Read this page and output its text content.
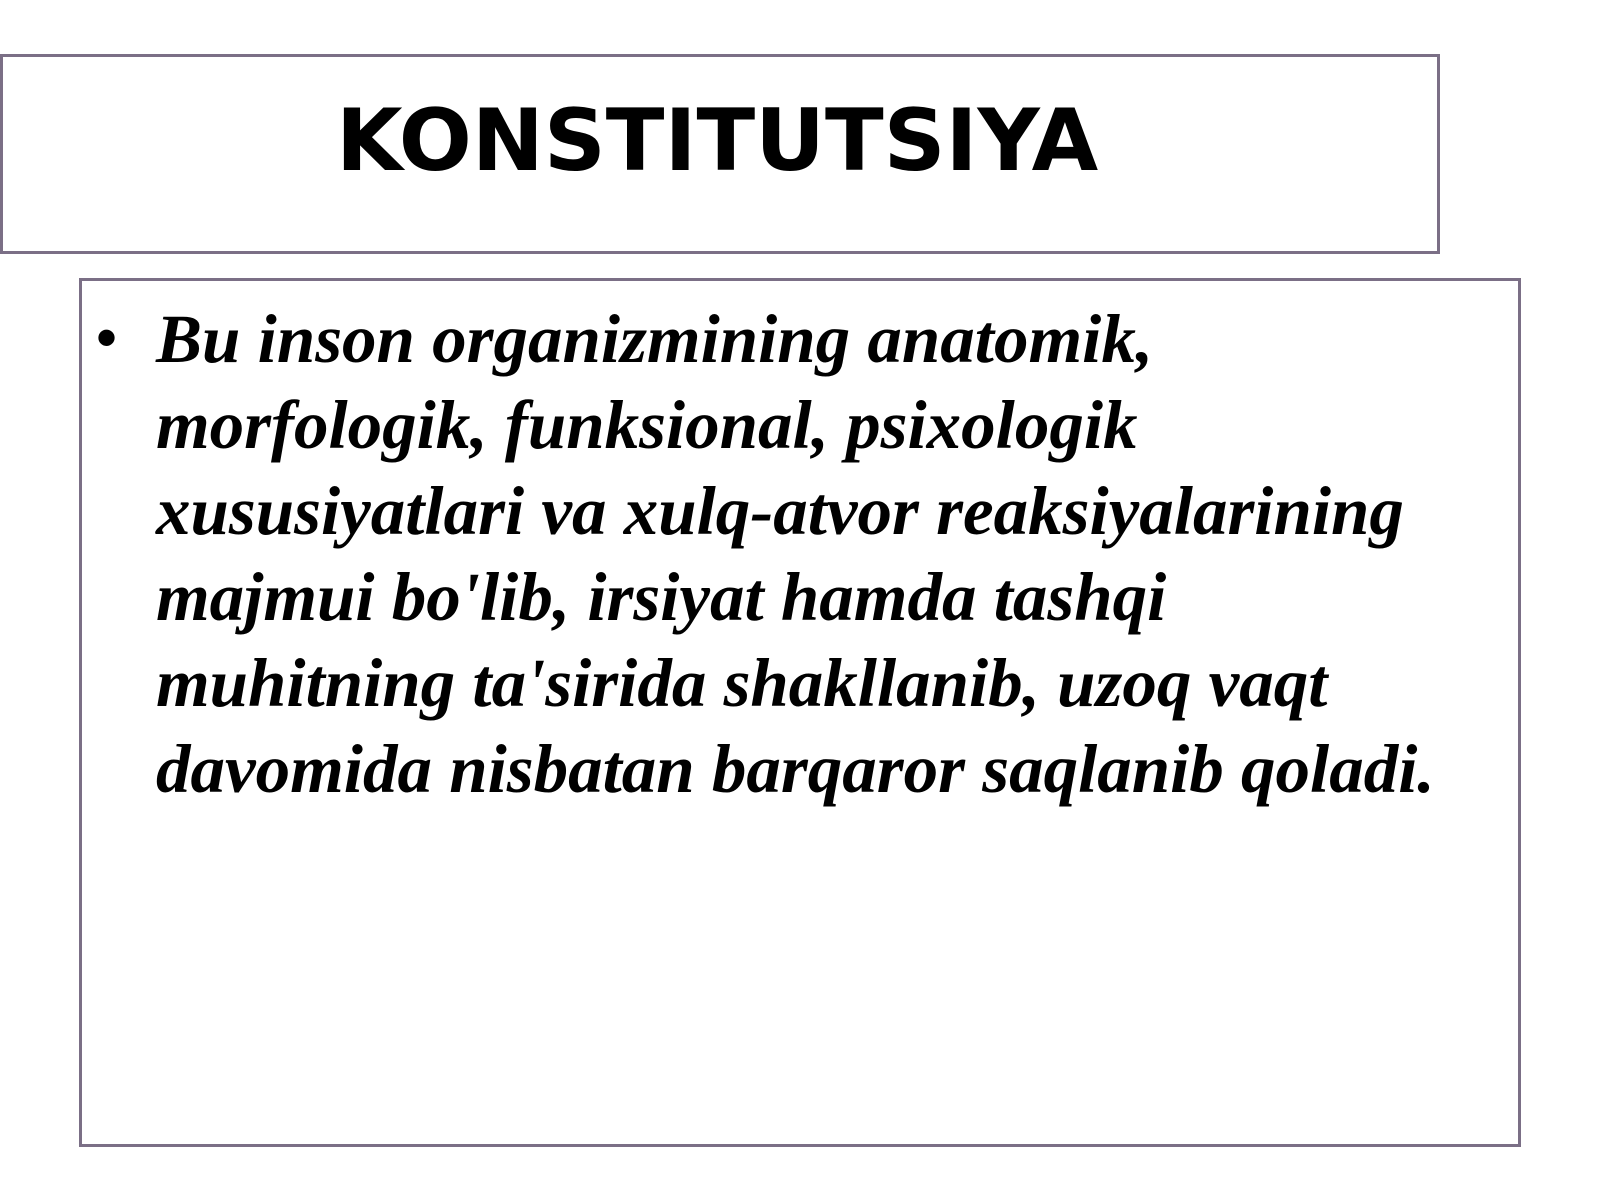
KONSTITUTSIYA
• Bu inson organizmining anatomik,
morfologik, funksional, psixologik
xususiyatlari va xulq-atvor reaksiyalarining
majmui bo'lib, irsiyat hamda tashqi
muhitning ta'sirida shakllanib, uzoq vaqt
davomida nisbatan barqaror saqlanib qoladi.
